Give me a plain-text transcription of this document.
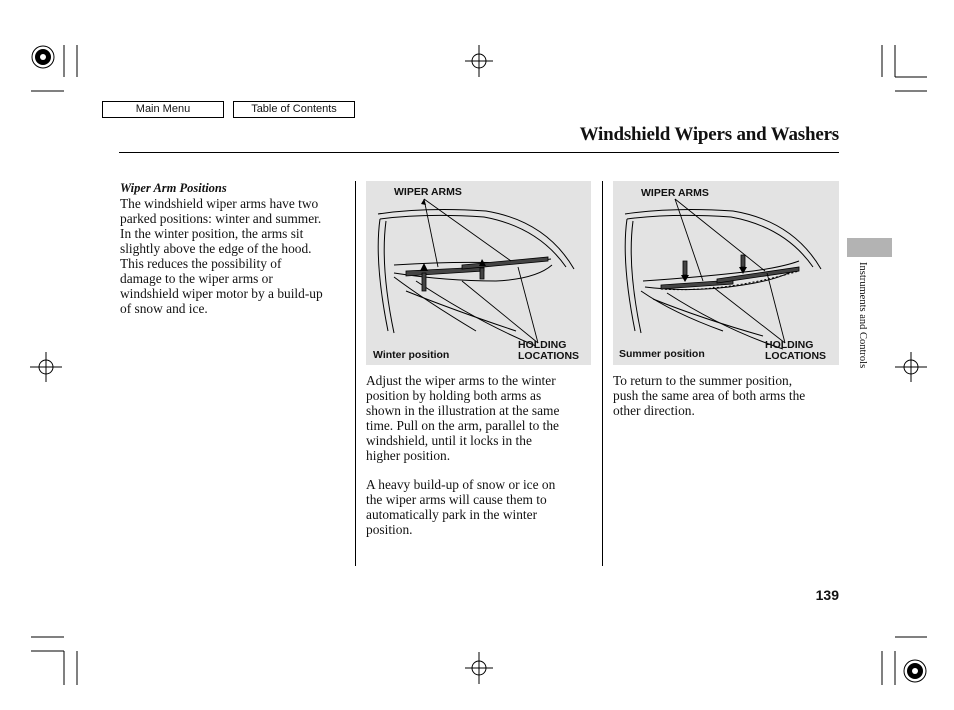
Main Menu	Table of Contents
Windshield Wipers and Washers
Wiper Arm Positions
The windshield wiper arms have two
parked positions: winter and summer.
In the winter position, the arms sit
slightly above the edge of the hood.
This reduces the possibility of
damage to the wiper arms or
windshield wiper motor by a build-up
of snow and ice.
WIPER ARMS
Winter position
HOLDING
LOCATIONS
WIPER ARMS
Summer position
HOLDING
LOCATIONS
Adjust the wiper arms to the winter
position by holding both arms as
shown in the illustration at the same
time. Pull on the arm, parallel to the
windshield, until it locks in the
higher position.
A heavy build-up of snow or ice on
the wiper arms will cause them to
automatically park in the winter
position.
To return to the summer position,
push the same area of both arms the
other direction.
Instruments and Controls
139
